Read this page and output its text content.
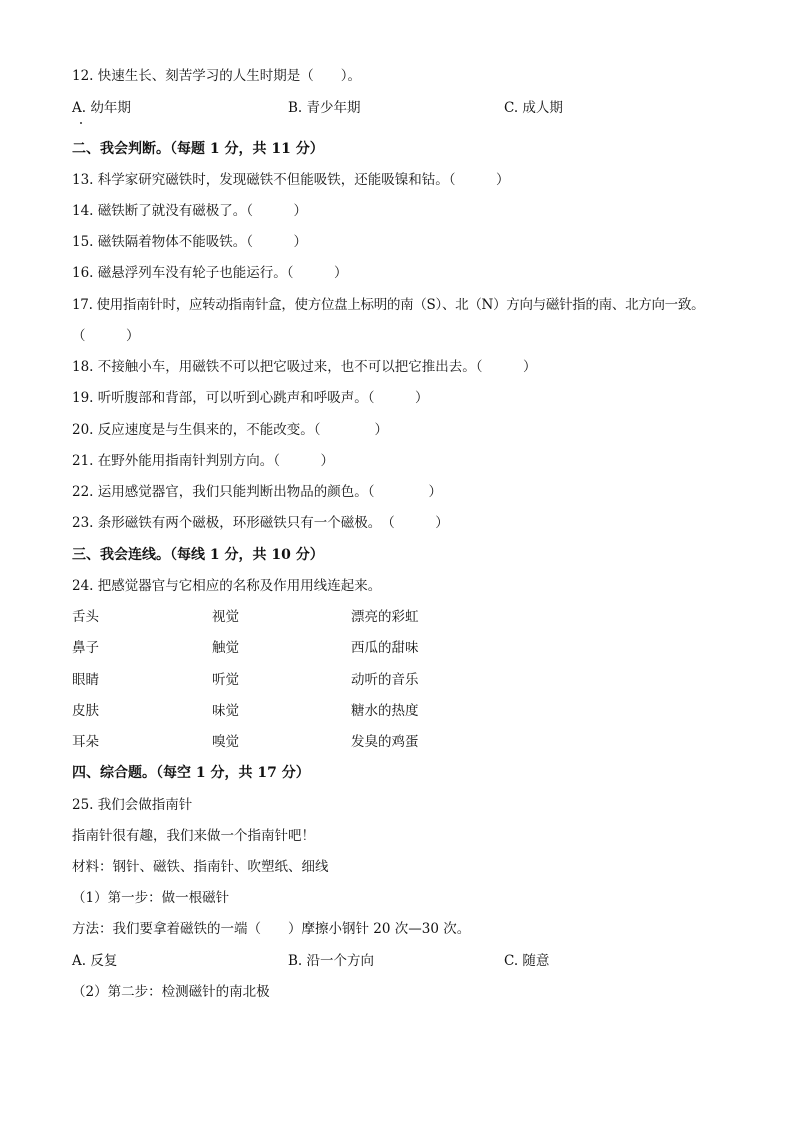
12. 快速生长、刻苦学习的人生时期是（　　）。
A. 幼年期	B. 青少年期	C. 成人期
二、我会判断。（每题 1 分，共 11 分）
13. 科学家研究磁铁时，发现磁铁不但能吸铁，还能吸镍和钴。（　　　）
14. 磁铁断了就没有磁极了。（　　　）
15. 磁铁隔着物体不能吸铁。（　　　）
16. 磁悬浮列车没有轮子也能运行。（　　　）
17. 使用指南针时，应转动指南针盒，使方位盘上标明的南（S）、北（N）方向与磁针指的南、北方向一致。
（　　　）
18. 不接触小车，用磁铁不可以把它吸过来，也不可以把它推出去。（　　　）
19. 听听腹部和背部，可以听到心跳声和呼吸声。（　　　）
20. 反应速度是与生俱来的，不能改变。（　　　　）
21. 在野外能用指南针判别方向。（　　　）
22. 运用感觉器官，我们只能判断出物品的颜色。（　　　　）
23. 条形磁铁有两个磁极，环形磁铁只有一个磁极。　（　　　）
三、我会连线。（每线 1 分，共 10 分）
24. 把感觉器官与它相应的名称及作用用线连起来。
舌头	视觉	漂亮的彩虹
鼻子	触觉	西瓜的甜味
眼睛	听觉	动听的音乐
皮肤	味觉	糖水的热度
耳朵	嗅觉	发臭的鸡蛋
四、综合题。（每空 1 分，共 17 分）
25. 我们会做指南针
指南针很有趣，我们来做一个指南针吧！
材料：钢针、磁铁、指南针、吹塑纸、细线
（1）第一步：做一根磁针
方法：我们要拿着磁铁的一端（　　）摩擦小钢针 20 次—30 次。
A. 反复	B. 沿一个方向	C. 随意
（2）第二步：检测磁针的南北极
